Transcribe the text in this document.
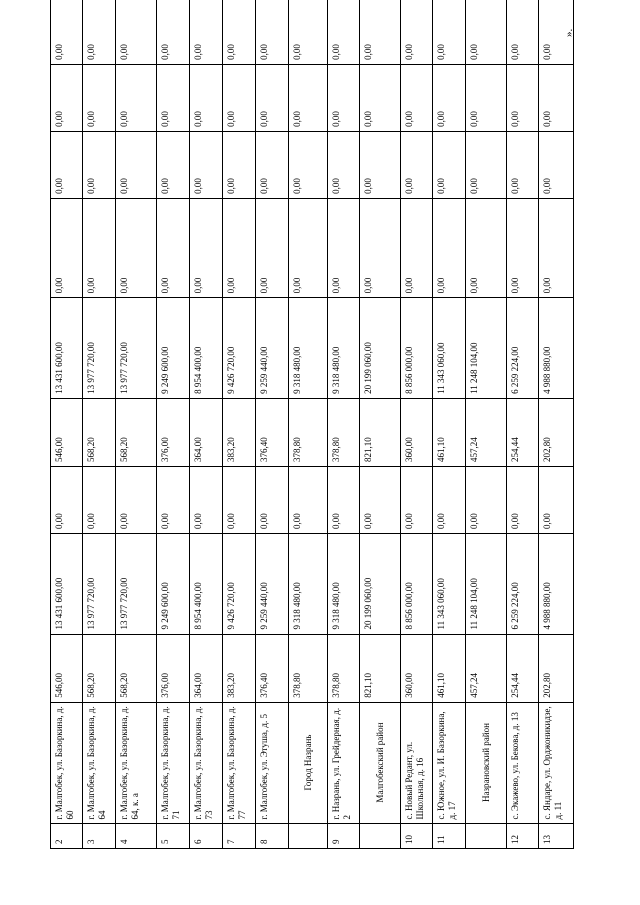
2	г. Малгобек, ул. Базоркина, д. 60	546,00	13 431 600,00	0,00	546,00	13 431 600,00	0,00	0,00	0,00	0,00
3	г. Малгобек, ул. Базоркина, д. 64	568,20	13 977 720,00	0,00	568,20	13 977 720,00	0,00	0,00	0,00	0,00
4	г. Малгобек, ул. Базоркина, д. 64, к. а	568,20	13 977 720,00	0,00	568,20	13 977 720,00	0,00	0,00	0,00	0,00
5	г. Малгобек, ул. Базоркина, д. 71	376,00	9 249 600,00	0,00	376,00	9 249 600,00	0,00	0,00	0,00	0,00
6	г. Малгобек, ул. Базоркина, д. 73	364,00	8 954 400,00	0,00	364,00	8 954 400,00	0,00	0,00	0,00	0,00
7	г. Малгобек, ул. Базоркина, д. 77	383,20	9 426 720,00	0,00	383,20	9 426 720,00	0,00	0,00	0,00	0,00
8	г. Малгобек, ул. Этуша, д. 5	376,40	9 259 440,00	0,00	376,40	9 259 440,00	0,00	0,00	0,00	0,00
	Город Назрань	378,80	9 318 480,00	0,00	378,80	9 318 480,00	0,00	0,00	0,00	0,00
9	г. Назрань, ул. Грейдерная, д. 2	378,80	9 318 480,00	0,00	378,80	9 318 480,00	0,00	0,00	0,00	0,00
	Малгобекский район	821,10	20 199 060,00	0,00	821,10	20 199 060,00	0,00	0,00	0,00	0,00
10	с. Новый Редант, ул. Школьная, д. 16	360,00	8 856 000,00	0,00	360,00	8 856 000,00	0,00	0,00	0,00	0,00
11	с. Южное, ул. И. Базоркина, д. 17	461,10	11 343 060,00	0,00	461,10	11 343 060,00	0,00	0,00	0,00	0,00
	Назрановский район	457,24	11 248 104,00	0,00	457,24	11 248 104,00	0,00	0,00	0,00	0,00
12	с. Экажево, ул. Бекова, д. 13	254,44	6 259 224,00	0,00	254,44	6 259 224,00	0,00	0,00	0,00	0,00
13	с. Яндаре, ул. Орджоникидзе, д. 11	202,80	4 988 880,00	0,00	202,80	4 988 880,00	0,00	0,00	0,00	0,00
».
